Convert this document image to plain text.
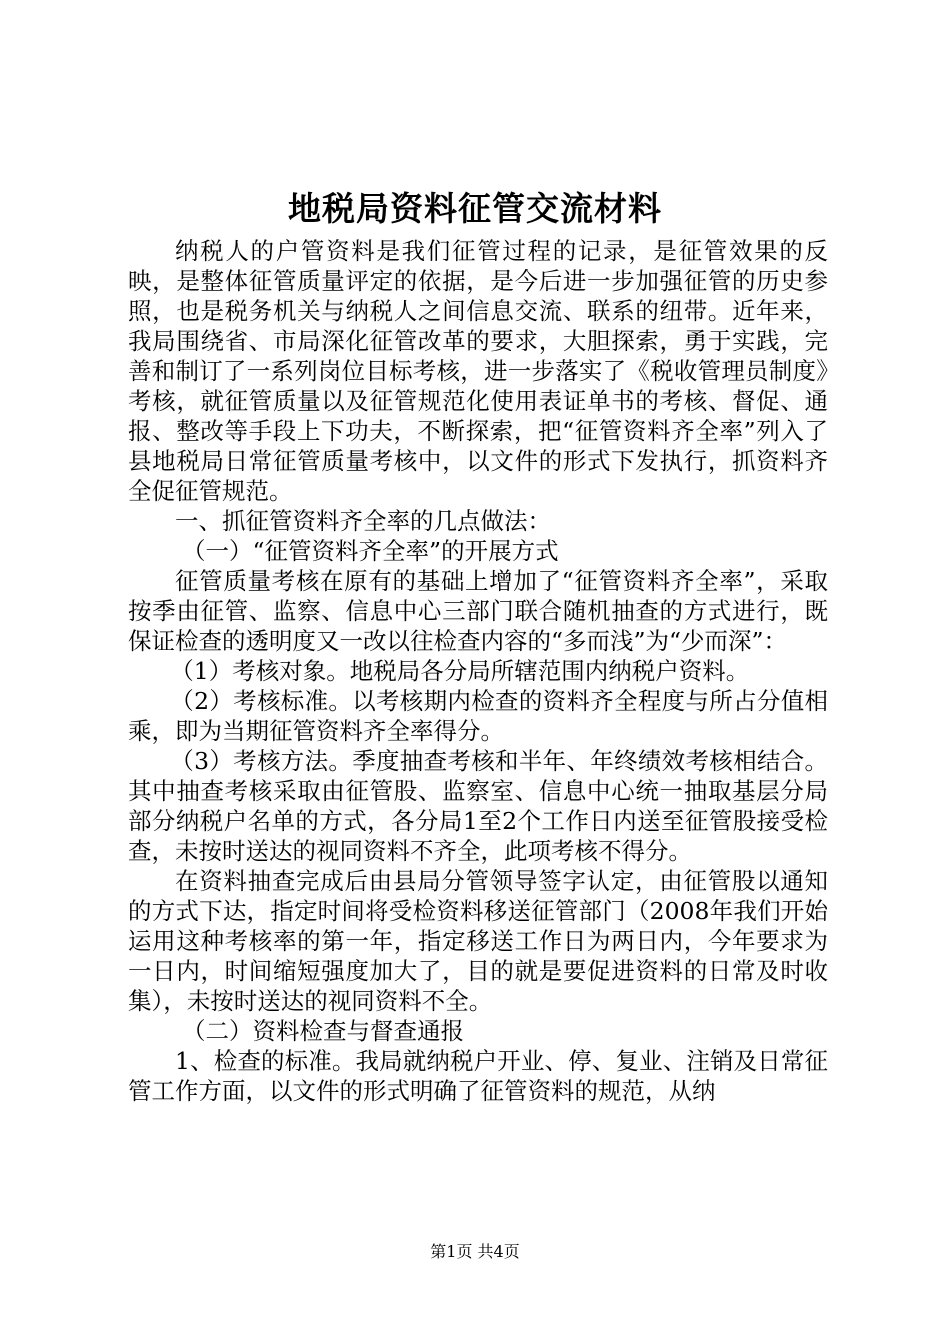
地税局资料征管交流材料

纳税人的户管资料是我们征管过程的记录，是征管效果的反映，是整体征管质量评定的依据，是今后进一步加强征管的历史参照，也是税务机关与纳税人之间信息交流、联系的纽带。近年来，我局围绕省、市局深化征管改革的要求，大胆探索，勇于实践，完善和制订了一系列岗位目标考核，进一步落实了《税收管理员制度》考核，就征管质量以及征管规范化使用表证单书的考核、督促、通报、整改等手段上下功夫，不断探索，把“征管资料齐全率”列入了县地税局日常征管质量考核中，以文件的形式下发执行，抓资料齐全促征管规范。

一、抓征管资料齐全率的几点做法：

（一）“征管资料齐全率”的开展方式

征管质量考核在原有的基础上增加了“征管资料齐全率”，采取按季由征管、监察、信息中心三部门联合随机抽查的方式进行，既保证检查的透明度又一改以往检查内容的“多而浅”为“少而深”：

（1）考核对象。地税局各分局所辖范围内纳税户资料。

（2）考核标准。以考核期内检查的资料齐全程度与所占分值相乘，即为当期征管资料齐全率得分。

（3）考核方法。季度抽查考核和半年、年终绩效考核相结合。其中抽查考核采取由征管股、监察室、信息中心统一抽取基层分局部分纳税户名单的方式，各分局1至2个工作日内送至征管股接受检查，未按时送达的视同资料不齐全，此项考核不得分。

在资料抽查完成后由县局分管领导签字认定，由征管股以通知的方式下达，指定时间将受检资料移送征管部门（2008年我们开始运用这种考核率的第一年，指定移送工作日为两日内，今年要求为一日内，时间缩短强度加大了，目的就是要促进资料的日常及时收集），未按时送达的视同资料不全。

（二）资料检查与督查通报

1、检查的标准。我局就纳税户开业、停、复业、注销及日常征管工作方面，以文件的形式明确了征管资料的规范，从纳

第1页 共4页
